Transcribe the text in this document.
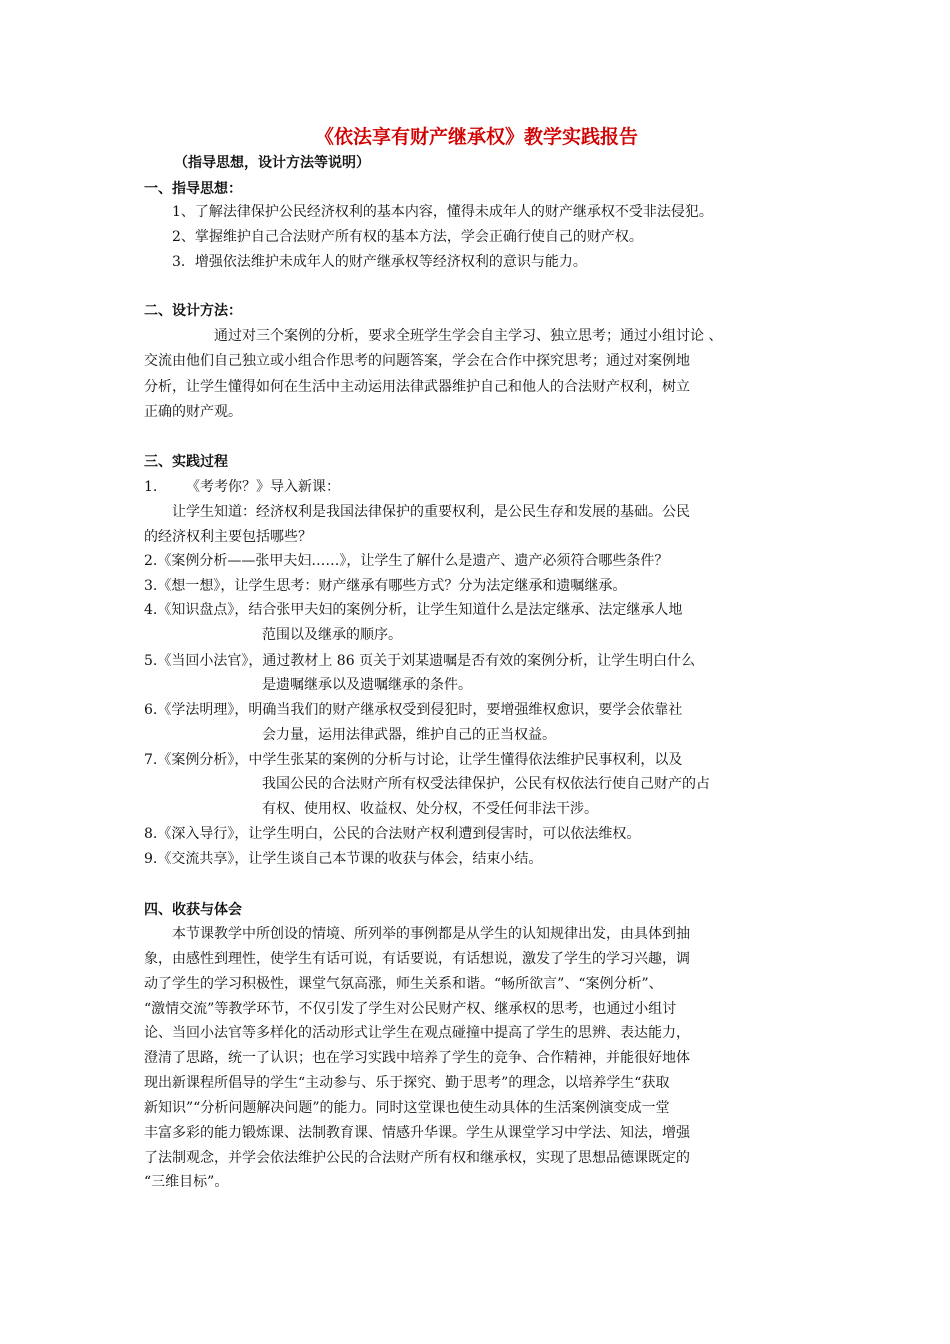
《依法享有财产继承权》教学实践报告
（指导思想，设计方法等说明）
一、指导思想：
1、了解法律保护公民经济权利的基本内容，懂得未成年人的财产继承权不受非法侵犯。
2、掌握维护自己合法财产所有权的基本方法，学会正确行使自己的财产权。
3．增强依法维护未成年人的财产继承权等经济权利的意识与能力。
二、设计方法：
通过对三个案例的分析，要求全班学生学会自主学习、独立思考；通过小组讨论 、
交流由他们自己独立或小组合作思考的问题答案，学会在合作中探究思考；通过对案例地
分析，让学生懂得如何在生活中主动运用法律武器维护自己和他人的合法财产权利，树立
正确的财产观。
三、实践过程
1. 《考考你？》导入新课：
让学生知道：经济权利是我国法律保护的重要权利，是公民生存和发展的基础。公民
的经济权利主要包括哪些？
2.《案例分析——张甲夫妇……》，让学生了解什么是遗产、遗产必须符合哪些条件？
3.《想一想》，让学生思考：财产继承有哪些方式？分为法定继承和遗嘱继承。
4.《知识盘点》，结合张甲夫妇的案例分析，让学生知道什么是法定继承、法定继承人地
范围以及继承的顺序。
5.《当回小法官》，通过教材上 86 页关于刘某遗嘱是否有效的案例分析，让学生明白什么
是遗嘱继承以及遗嘱继承的条件。
6.《学法明理》，明确当我们的财产继承权受到侵犯时，要增强维权愈识，要学会依靠社
会力量，运用法律武器，维护自己的正当权益。
7.《案例分析》，中学生张某的案例的分析与讨论，让学生懂得依法维护民事权利，以及
我国公民的合法财产所有权受法律保护，公民有权依法行使自己财产的占
有权、使用权、收益权、处分权，不受任何非法干涉。
8.《深入导行》，让学生明白，公民的合法财产权利遭到侵害时，可以依法维权。
9.《交流共享》，让学生谈自己本节课的收获与体会，结束小结。
四、收获与体会
本节课教学中所创设的情境、所列举的事例都是从学生的认知规律出发，由具体到抽
象，由感性到理性，使学生有话可说，有话要说，有话想说，激发了学生的学习兴趣，调
动了学生的学习积极性，课堂气氛高涨，师生关系和谐。“畅所欲言”、“案例分析”、
“激情交流”等教学环节，不仅引发了学生对公民财产权、继承权的思考，也通过小组讨
论、当回小法官等多样化的活动形式让学生在观点碰撞中提高了学生的思辨、表达能力，
澄清了思路，统一了认识；也在学习实践中培养了学生的竞争、合作精神，并能很好地体
现出新课程所倡导的学生“主动参与、乐于探究、勤于思考”的理念，以培养学生“获取
新知识”“分析问题解决问题”的能力。同时这堂课也使生动具体的生活案例演变成一堂
丰富多彩的能力锻炼课、法制教育课、情感升华课。学生从课堂学习中学法、知法，增强
了法制观念，并学会依法维护公民的合法财产所有权和继承权，实现了思想品德课既定的
“三维目标”。
